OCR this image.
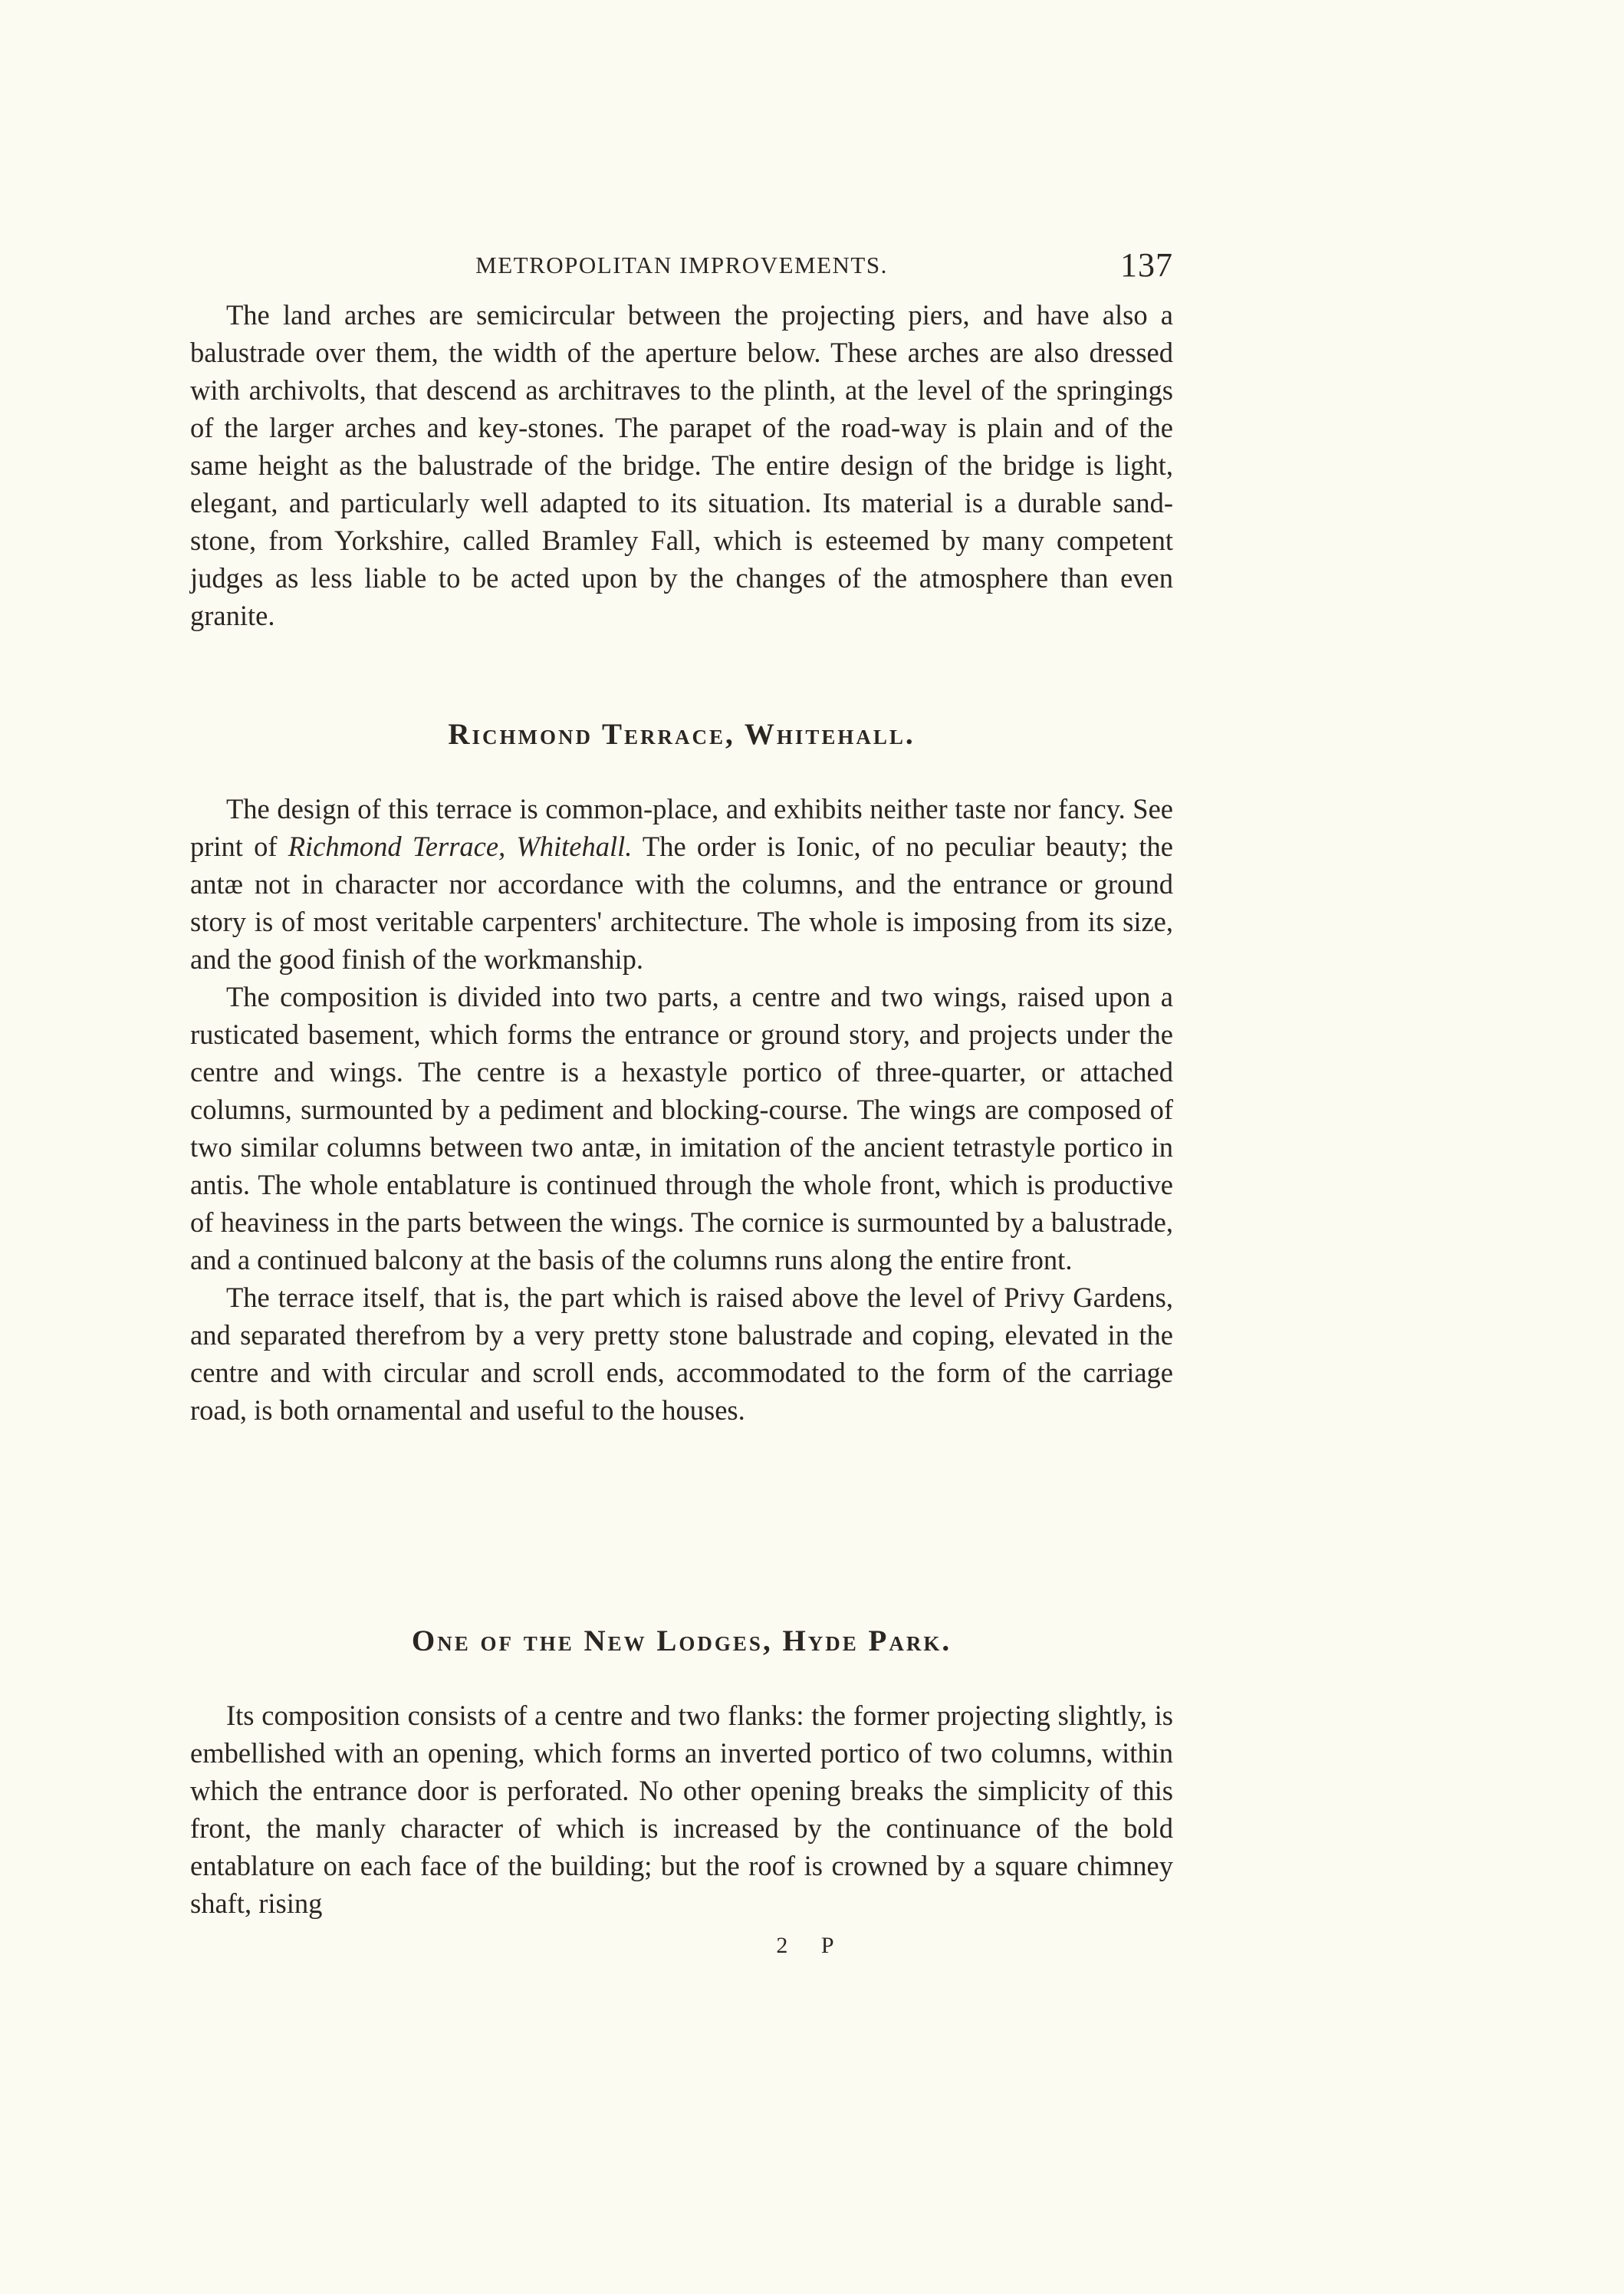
METROPOLITAN IMPROVEMENTS.	137

The land arches are semicircular between the projecting piers, and have also a balustrade over them, the width of the aperture below. These arches are also dressed with archivolts, that descend as architraves to the plinth, at the level of the springings of the larger arches and key-stones. The parapet of the road-way is plain and of the same height as the balustrade of the bridge. The entire design of the bridge is light, elegant, and particularly well adapted to its situation. Its material is a durable sand-stone, from Yorkshire, called Bramley Fall, which is esteemed by many competent judges as less liable to be acted upon by the changes of the atmosphere than even granite.

Richmond Terrace, Whitehall.

The design of this terrace is common-place, and exhibits neither taste nor fancy. See print of Richmond Terrace, Whitehall. The order is Ionic, of no peculiar beauty; the antæ not in character nor accordance with the columns, and the entrance or ground story is of most veritable carpenters' architecture. The whole is imposing from its size, and the good finish of the workmanship.

The composition is divided into two parts, a centre and two wings, raised upon a rusticated basement, which forms the entrance or ground story, and projects under the centre and wings. The centre is a hexastyle portico of three-quarter, or attached columns, surmounted by a pediment and blocking-course. The wings are composed of two similar columns between two antæ, in imitation of the ancient tetrastyle portico in antis. The whole entablature is continued through the whole front, which is productive of heaviness in the parts between the wings. The cornice is surmounted by a balustrade, and a continued balcony at the basis of the columns runs along the entire front.

The terrace itself, that is, the part which is raised above the level of Privy Gardens, and separated therefrom by a very pretty stone balustrade and coping, elevated in the centre and with circular and scroll ends, accommodated to the form of the carriage road, is both ornamental and useful to the houses.

One of the New Lodges, Hyde Park.

Its composition consists of a centre and two flanks: the former projecting slightly, is embellished with an opening, which forms an inverted portico of two columns, within which the entrance door is perforated. No other opening breaks the simplicity of this front, the manly character of which is increased by the continuance of the bold entablature on each face of the building; but the roof is crowned by a square chimney shaft, rising

2 P
